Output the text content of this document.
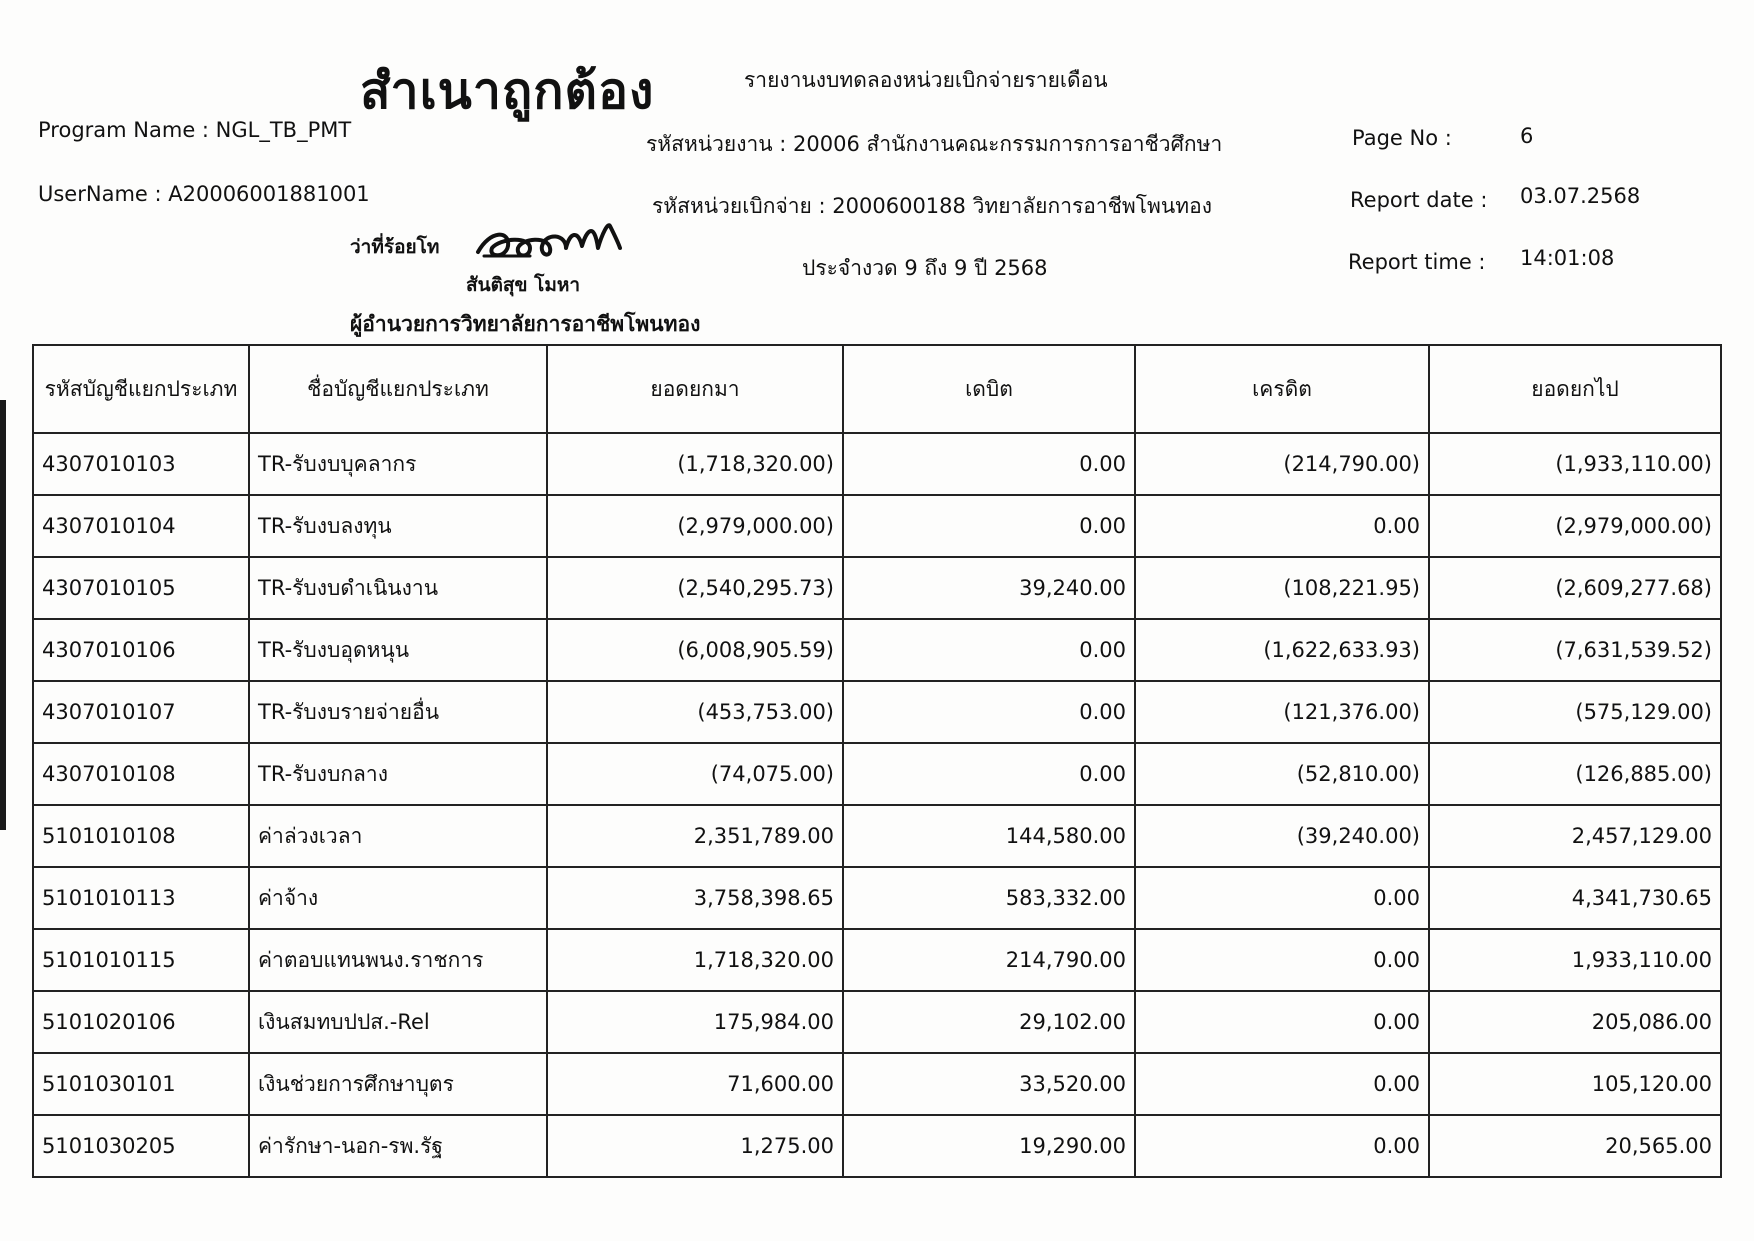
สำเนาถูกต้อง	รายงานงบทดลองหน่วยเบิกจ่ายรายเดือน
Program Name : NGL_TB_PMT
UserName : A20006001881001
รหัสหน่วยงาน : 20006 สำนักงานคณะกรรมการการอาชีวศึกษา
รหัสหน่วยเบิกจ่าย : 2000600188 วิทยาลัยการอาชีพโพนทอง
ประจำงวด 9 ถึง 9 ปี 2568
Page No :	6
Report date : 03.07.2568
Report time : 14:01:08
ว่าที่ร้อยโท
สันติสุข โมหา
ผู้อำนวยการวิทยาลัยการอาชีพโพนทอง
รหัสบัญชีแยกประเภท	ชื่อบัญชีแยกประเภท	ยอดยกมา	เดบิต	เครดิต	ยอดยกไป
4307010103	TR-รับงบบุคลากร	(1,718,320.00)	0.00	(214,790.00)	(1,933,110.00)
4307010104	TR-รับงบลงทุน	(2,979,000.00)	0.00	0.00	(2,979,000.00)
4307010105	TR-รับงบดำเนินงาน	(2,540,295.73)	39,240.00	(108,221.95)	(2,609,277.68)
4307010106	TR-รับงบอุดหนุน	(6,008,905.59)	0.00	(1,622,633.93)	(7,631,539.52)
4307010107	TR-รับงบรายจ่ายอื่น	(453,753.00)	0.00	(121,376.00)	(575,129.00)
4307010108	TR-รับงบกลาง	(74,075.00)	0.00	(52,810.00)	(126,885.00)
5101010108	ค่าล่วงเวลา	2,351,789.00	144,580.00	(39,240.00)	2,457,129.00
5101010113	ค่าจ้าง	3,758,398.65	583,332.00	0.00	4,341,730.65
5101010115	ค่าตอบแทนพนง.ราชการ	1,718,320.00	214,790.00	0.00	1,933,110.00
5101020106	เงินสมทบปปส.-Rel	175,984.00	29,102.00	0.00	205,086.00
5101030101	เงินช่วยการศึกษาบุตร	71,600.00	33,520.00	0.00	105,120.00
5101030205	ค่ารักษา-นอก-รพ.รัฐ	1,275.00	19,290.00	0.00	20,565.00
